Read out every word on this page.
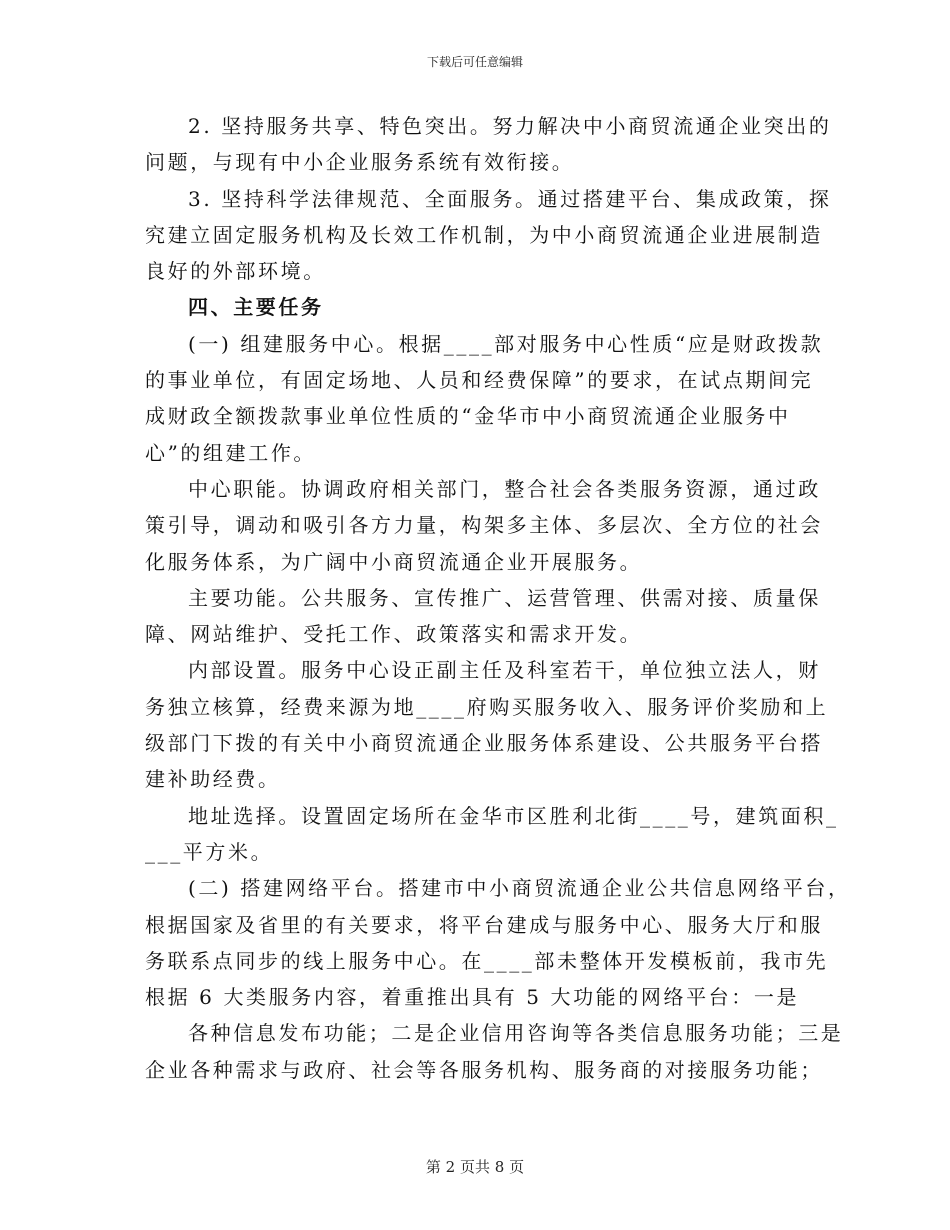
下载后可任意编辑
2. 坚持服务共享、特色突出。努力解决中小商贸流通企业突出的
问题，与现有中小企业服务系统有效衔接。
3. 坚持科学法律规范、全面服务。通过搭建平台、集成政策，探
究建立固定服务机构及长效工作机制，为中小商贸流通企业进展制造
良好的外部环境。
四、主要任务
(一) 组建服务中心。根据____部对服务中心性质“应是财政拨款
的事业单位，有固定场地、人员和经费保障”的要求，在试点期间完
成财政全额拨款事业单位性质的“金华市中小商贸流通企业服务中
心”的组建工作。
中心职能。协调政府相关部门，整合社会各类服务资源，通过政
策引导，调动和吸引各方力量，构架多主体、多层次、全方位的社会
化服务体系，为广阔中小商贸流通企业开展服务。
主要功能。公共服务、宣传推广、运营管理、供需对接、质量保
障、网站维护、受托工作、政策落实和需求开发。
内部设置。服务中心设正副主任及科室若干，单位独立法人，财
务独立核算，经费来源为地____府购买服务收入、服务评价奖励和上
级部门下拨的有关中小商贸流通企业服务体系建设、公共服务平台搭
建补助经费。
地址选择。设置固定场所在金华市区胜利北街____号，建筑面积_
___平方米。
(二) 搭建网络平台。搭建市中小商贸流通企业公共信息网络平台，
根据国家及省里的有关要求，将平台建成与服务中心、服务大厅和服
务联系点同步的线上服务中心。在____部未整体开发模板前，我市先
根据 6 大类服务内容，着重推出具有 5 大功能的网络平台：一是
各种信息发布功能；二是企业信用咨询等各类信息服务功能；三是
企业各种需求与政府、社会等各服务机构、服务商的对接服务功能；
第 2 页共 8 页
